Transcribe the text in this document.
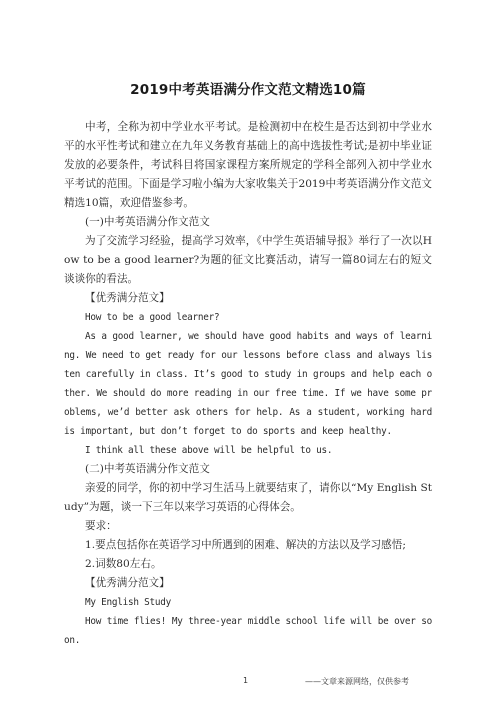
2019中考英语满分作文范文精选10篇

中考，全称为初中学业水平考试。是检测初中在校生是否达到初中学业水平的水平性考试和建立在九年义务教育基础上的高中选拔性考试;是初中毕业证发放的必要条件，考试科目将国家课程方案所规定的学科全部列入初中学业水平考试的范围。下面是学习啦小编为大家收集关于2019中考英语满分作文范文精选10篇，欢迎借鉴参考。

(一)中考英语满分作文范文

为了交流学习经验，提高学习效率，《中学生英语辅导报》举行了一次以How to be a good learner?为题的征文比赛活动，请写一篇80词左右的短文谈谈你的看法。

【优秀满分范文】

How to be a good learner?

As a good learner, we should have good habits and ways of learning. We need to get ready for our lessons before class and always listen carefully in class. It’s good to study in groups and help each other. We should do more reading in our free time. If we have some problems, we’d better ask others for help. As a student, working hard is important, but don’t forget to do sports and keep healthy.

I think all these above will be helpful to us.

(二)中考英语满分作文范文

亲爱的同学，你的初中学习生活马上就要结束了，请你以“My English Study”为题，谈一下三年以来学习英语的心得体会。

要求：

1.要点包括你在英语学习中所遇到的困难、解决的方法以及学习感悟;

2.词数80左右。

【优秀满分范文】

My English Study

How time flies! My three-year middle school life will be over soon.

1	——文章来源网络，仅供参考
